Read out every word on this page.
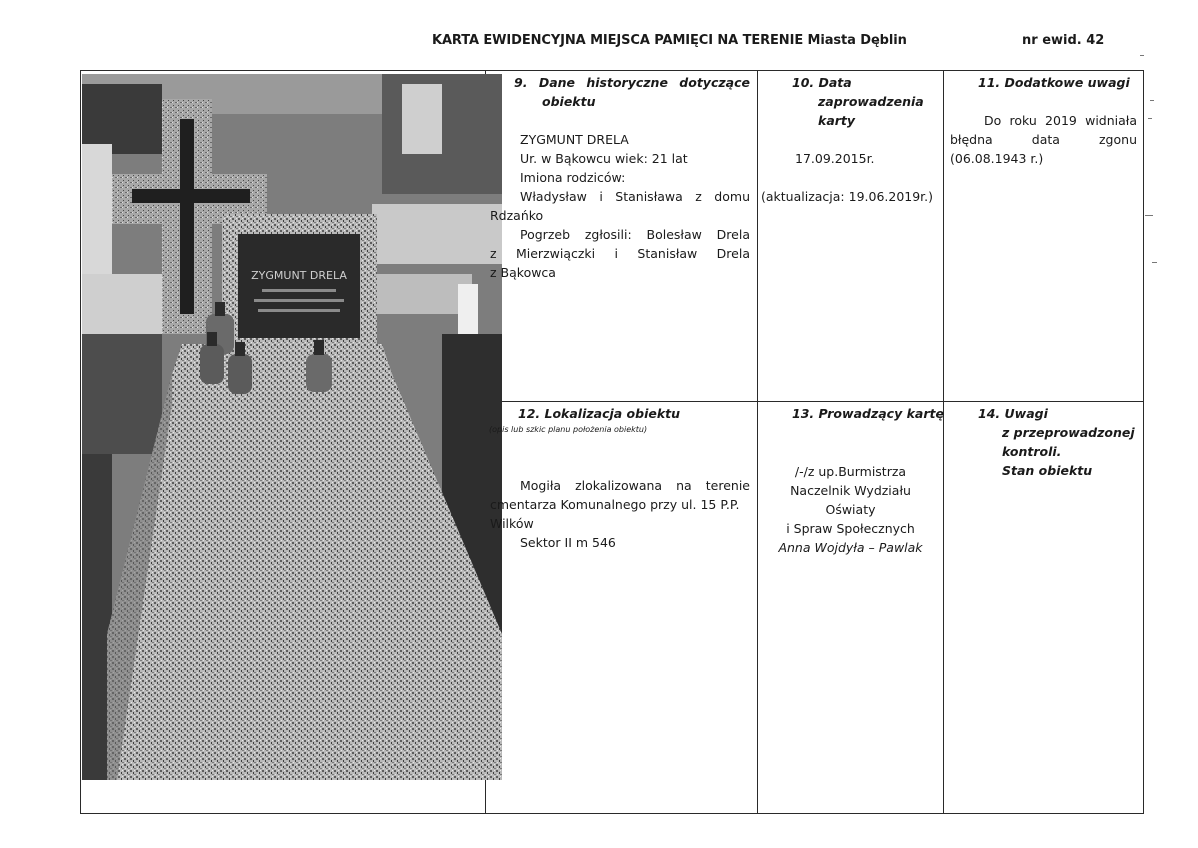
KARTA EWIDENCYJNA MIEJSCA PAMIĘCI NA TERENIE Miasta Dęblin	nr ewid. 42
ZYGMUNT DRELA
9. Dane historyczne dotyczące
obiektu
ZYGMUNT DRELA
Ur. w Bąkowcu wiek: 21 lat
Imiona rodziców:
Władysław i Stanisława z domu
Rdzańko
Pogrzeb zgłosili: Bolesław Drela
z Mierzwiączki i Stanisław Drela
z Bąkowca
10. Data
zaprowadzenia
karty
17.09.2015r.
(aktualizacja: 19.06.2019r.)
11. Dodatkowe uwagi
Do roku 2019 widniała
błędna data zgonu
(06.08.1943 r.)
12. Lokalizacja obiektu
(opis lub szkic planu położenia obiektu)
Mogiła zlokalizowana na terenie
cmentarza Komunalnego przy ul. 15 P.P.
Wilków
Sektor II m 546
13. Prowadzący kartę
/-/z up.Burmistrza
Naczelnik Wydziału
Oświaty
i Spraw Społecznych
Anna Wojdyła – Pawlak
14. Uwagi
z przeprowadzonej
kontroli.
Stan obiektu
